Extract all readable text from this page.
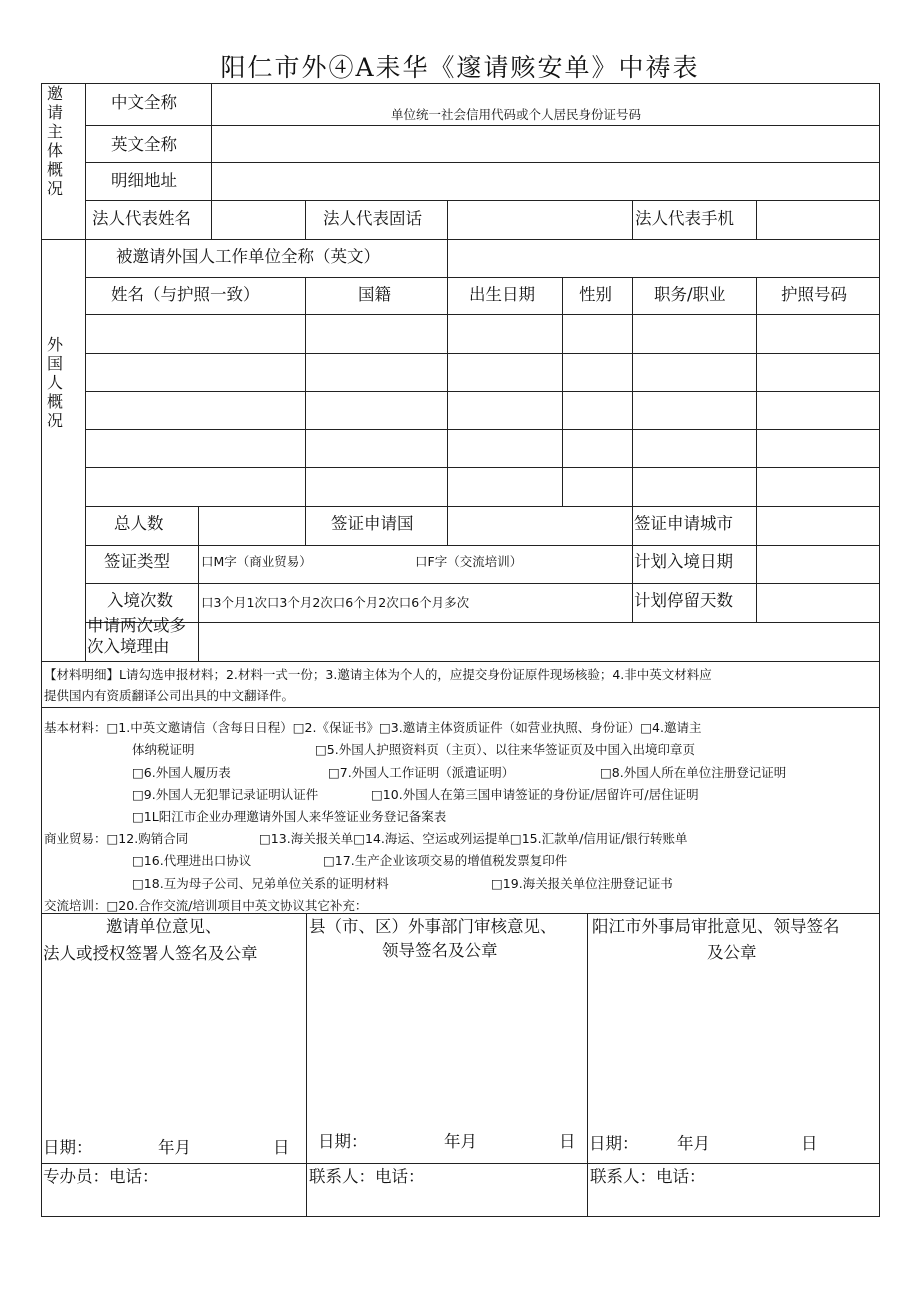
阳仁市外④A耒华《邃请赅安单》中祷表
邀请主体概况
中文全称
单位统一社会信用代码或个人居民身份证号码
英文全称
明细地址
法人代表姓名	法人代表固话	法人代表手机
外国人概况
被邀请外国人工作单位全称（英文）
姓名（与护照一致）	国籍	出生日期	性别	职务/职业	护照号码
总人数	签证申请国	签证申请城市
签证类型 口M字（商业贸易）	口F字（交流培训）	计划入境日期
入境次数 口3个月1次口3个月2次口6个月2次口6个月多次	计划停留天数
申请两次或多
次入境理由
【材料明细】L请勾选申报材料；2.材料一式一份；3.邀请主体为个人的，应提交身份证原件现场核验；4.非中英文材料应
提供国内有资质翻译公司出具的中文翻译件。
基本材料：□1.中英文邀请信（含每日日程）□2.《保证书》□3.邀请主体资质证件（如营业执照、身份证）□4.邀请主
体纳税证明	□5.外国人护照资料页（主页）、以往来华签证页及中国入出境印章页
□6.外国人履历表	□7.外国人工作证明（派遣证明）	□8.外国人所在单位注册登记证明
□9.外国人无犯罪记录证明认证件	□10.外国人在第三国申请签证的身份证/居留许可/居住证明
□1L阳江市企业办理邀请外国人来华签证业务登记备案表
商业贸易：□12.购销合同	□13.海关报关单□14.海运、空运或列运提单□15.汇款单/信用证/银行转账单
□16.代理进出口协议	□17.生产企业该项交易的增值税发票复印件
□18.互为母子公司、兄弟单位关系的证明材料	□19.海关报关单位注册登记证书
交流培训：□20.合作交流/培训项目中英文协议其它补充：
邀请单位意见、
法人或授权签署人签名及公章
县（市、区）外事部门审核意见、
领导签名及公章
阳江市外事局审批意见、领导签名
及公章
日期：	年月	日 日期：	年月	日 日期： 年月	日
专办员：电话：	联系人：电话：	联系人：电话：
